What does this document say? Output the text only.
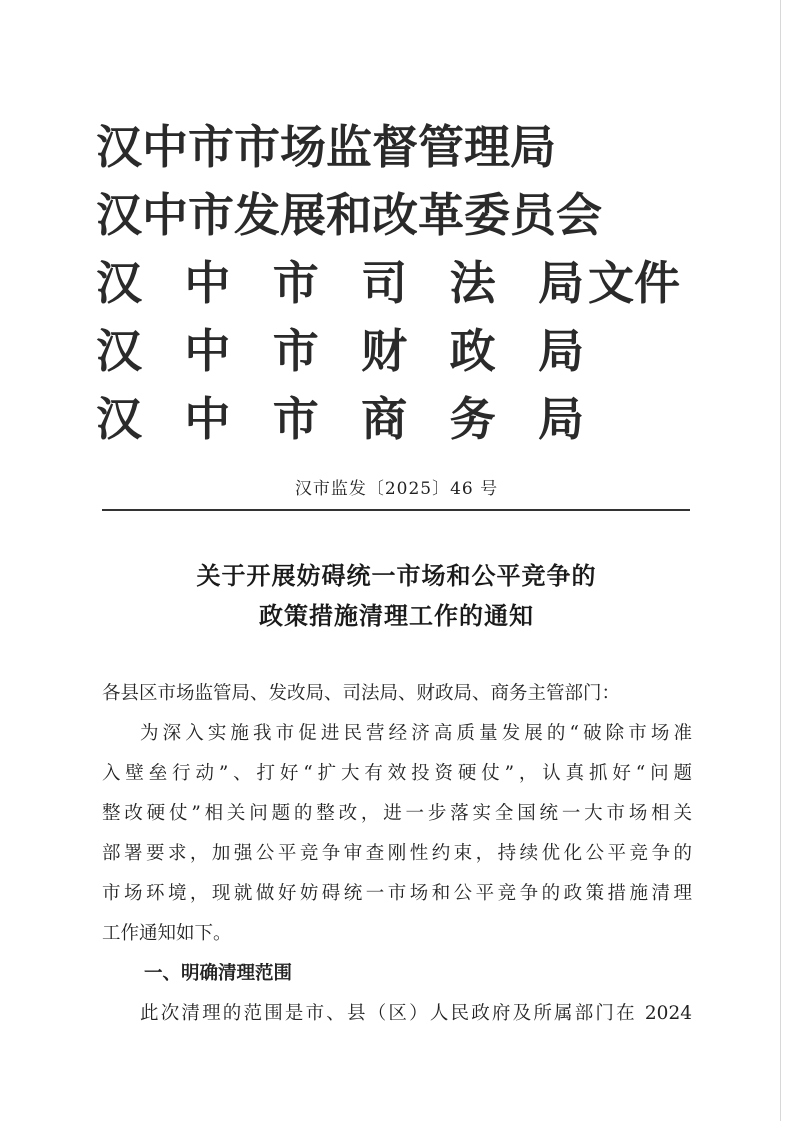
汉中市市场监督管理局
汉中市发展和改革委员会
汉 中 市 司 法 局
汉 中 市 财 政 局
汉 中 市 商 务 局
文件
汉市监发〔2025〕46 号
关于开展妨碍统一市场和公平竞争的
政策措施清理工作的通知
各县区市场监管局、发改局、司法局、财政局、商务主管部门：
为深入实施我市促进民营经济高质量发展的“破除市场准
入壁垒行动”、打好“扩大有效投资硬仗”，认真抓好“问题
整改硬仗”相关问题的整改，进一步落实全国统一大市场相关
部署要求，加强公平竞争审查刚性约束，持续优化公平竞争的
市场环境，现就做好妨碍统一市场和公平竞争的政策措施清理
工作通知如下。
一、明确清理范围
此次清理的范围是市、县（区）人民政府及所属部门在 2024
